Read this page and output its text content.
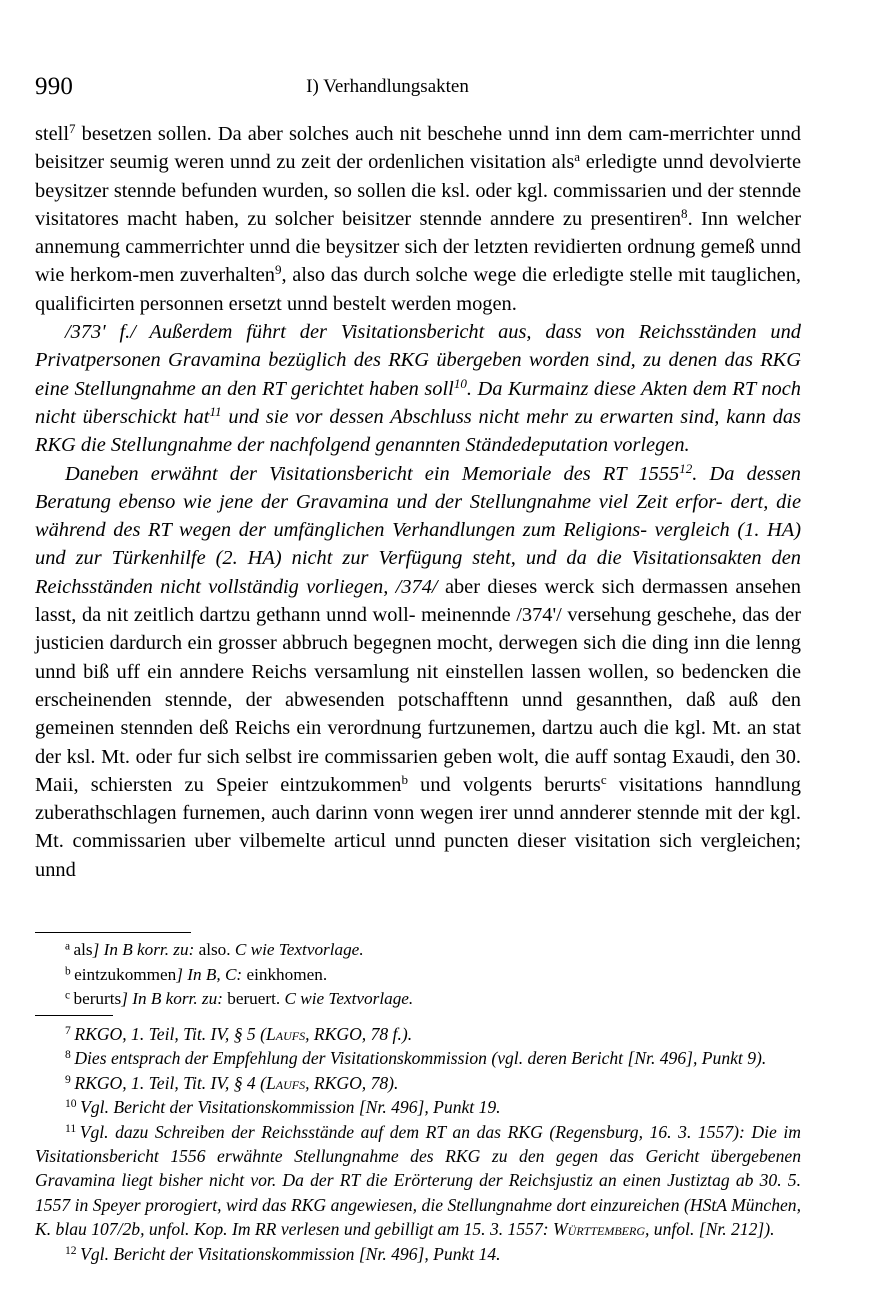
990	I) Verhandlungsakten

stell$^7$ besetzen sollen. Da aber solches auch nit beschehe unnd inn dem cam-​merrichter unnd beisitzer seumig weren unnd zu zeit der ordenlichen visitation als$^a$ erledigte unnd devolvierte beysitzer stennde befunden wurden, so sollen die ksl. oder kgl. commissarien und der stennde visitatores macht haben, zu solcher beisitzer stennde anndere zu presentiren$^8$. Inn welcher annemung cammerrichter unnd die beysitzer sich der letzten revidierten ordnung gemeß unnd wie herkom-​men zuverhalten$^9$, also das durch solche wege die erledigte stelle mit tauglichen, qualificirten personnen ersetzt unnd bestelt werden mogen.

/373' f./ Außerdem führt der Visitationsbericht aus, dass von Reichsständen und Privatpersonen Gravamina bezüglich des RKG übergeben worden sind, zu denen das RKG eine Stellungnahme an den RT gerichtet haben soll$^{10}$. Da Kurmainz diese Akten dem RT noch nicht überschickt hat$^{11}$ und sie vor dessen Abschluss nicht mehr zu erwarten sind, kann das RKG die Stellungnahme der nachfolgend genannten Ständedeputation vorlegen.

Daneben erwähnt der Visitationsbericht ein Memoriale des RT 1555$^{12}$. Da dessen Beratung ebenso wie jene der Gravamina und der Stellungnahme viel Zeit erfor- dert, die während des RT wegen der umfänglichen Verhandlungen zum Religions- vergleich (1. HA) und zur Türkenhilfe (2. HA) nicht zur Verfügung steht, und da die Visitationsakten den Reichsständen nicht vollständig vorliegen, /374/ aber dieses werck sich dermassen ansehen lasst, da nit zeitlich dartzu gethann unnd woll- meinennde /374'/ versehung geschehe, das der justicien dardurch ein grosser abbruch begegnen mocht, derwegen sich die ding inn die lenng unnd biß uff ein anndere Reichs versamlung nit einstellen lassen wollen, so bedencken die erscheinenden stennde, der abwesenden potschafftenn unnd gesannthen, daß auß den gemeinen stennden deß Reichs ein verordnung furtzunemen, dartzu auch die kgl. Mt. an stat der ksl. Mt. oder fur sich selbst ire commissarien geben wolt, die auff sontag Exaudi, den 30. Maii, schiersten zu Speier eintzukommen$^b$ und volgents berurts$^c$ visitations hanndlung zuberathschlagen furnemen, auch darinn vonn wegen irer unnd annderer stennde mit der kgl. Mt. commissarien uber vilbemelte articul unnd puncten dieser visitation sich vergleichen; unnd

$^a$ als] In B korr. zu: also. C wie Textvorlage.

$^b$ eintzukommen] In B, C: einkhomen.

$^c$ berurts] In B korr. zu: beruert. C wie Textvorlage.

$^7$ RKGO, 1. Teil, Tit. IV, § 5 (Laufs, RKGO, 78 f.).

$^8$ Dies entsprach der Empfehlung der Visitationskommission (vgl. deren Bericht [Nr. 496], Punkt 9).

$^9$ RKGO, 1. Teil, Tit. IV, § 4 (Laufs, RKGO, 78).

$^{10}$ Vgl. Bericht der Visitationskommission [Nr. 496], Punkt 19.

$^{11}$ Vgl. dazu Schreiben der Reichsstände auf dem RT an das RKG (Regensburg, 16. 3. 1557): Die im Visitationsbericht 1556 erwähnte Stellungnahme des RKG zu den gegen das Gericht übergebenen Gravamina liegt bisher nicht vor. Da der RT die Erörterung der Reichsjustiz an einen Justiztag ab 30. 5. 1557 in Speyer prorogiert, wird das RKG angewiesen, die Stellungnahme dort einzureichen (HStA München, K. blau 107/2b, unfol. Kop. Im RR verlesen und gebilligt am 15. 3. 1557: Württemberg, unfol. [Nr. 212]).

$^{12}$ Vgl. Bericht der Visitationskommission [Nr. 496], Punkt 14.
